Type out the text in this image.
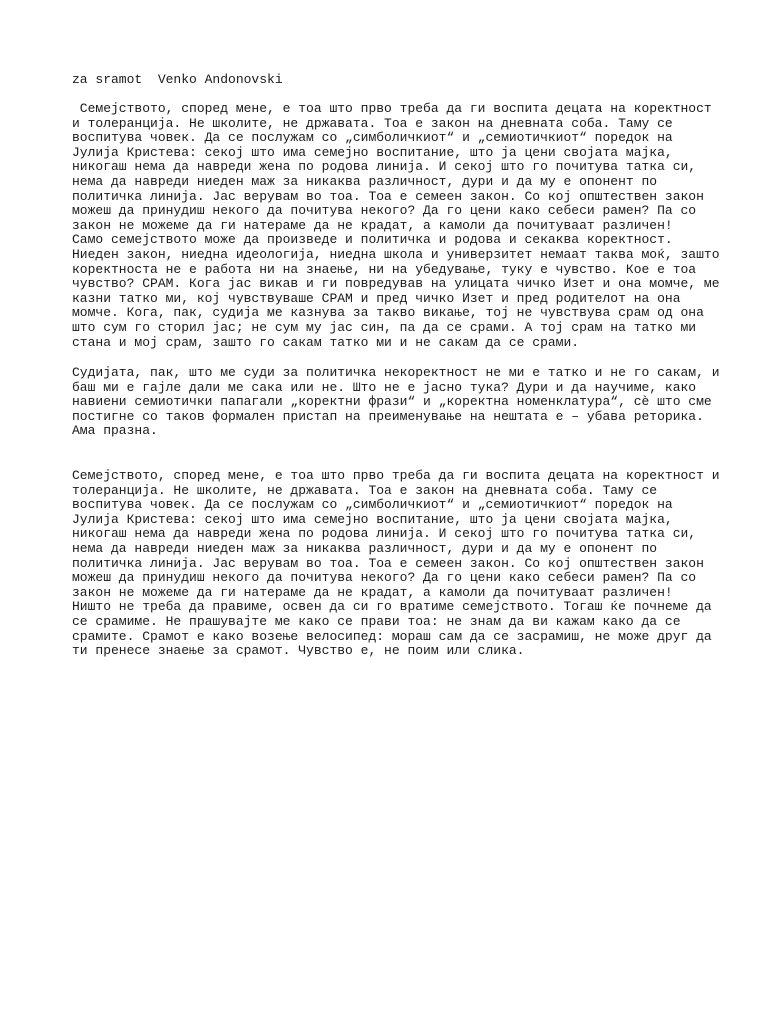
za sramot  Venko Andonovski

Семејството, според мене, е тоа што прво треба да ги воспита децата на коректност
и толеранција. Не школите, не државата. Тоа е закон на дневната соба. Таму се
воспитува човек. Да се послужам со „симболичкиот“ и „семиотичкиот“ поредок на
Јулија Кристева: секој што има семејно воспитание, што ја цени својата мајка,
никогаш нема да навреди жена по родова линија. И секој што го почитува татка си,
нема да навреди ниеден маж за никаква различност, дури и да му е опонент по
политичка линија. Јас верувам во тоа. Тоа е семеен закон. Со кој општествен закон
можеш да принудиш некого да почитува некого? Да го цени како себеси рамен? Па со
закон не можеме да ги натераме да не крадат, а камоли да почитуваат различен!
Само семејството може да произведе и политичка и родова и секаква коректност.
Ниеден закон, ниедна идеологија, ниедна школа и универзитет немаат таква моќ, зашто
коректноста не е работа ни на знаење, ни на убедување, туку е чувство. Кое е тоа
чувство? СРАМ. Кога јас викав и ги повредував на улицата чичко Изет и она момче, ме
казни татко ми, кој чувствуваше СРАМ и пред чичко Изет и пред родителот на она
момче. Кога, пак, судија ме казнува за такво викање, тој не чувствува срам од она
што сум го сторил јас; не сум му јас син, па да се срами. А тој срам на татко ми
стана и мој срам, зашто го сакам татко ми и не сакам да се срами.

Судијата, пак, што ме суди за политичка некоректност не ми е татко и не го сакам, и
баш ми е гајле дали ме сака или не. Што не е јасно тука? Дури и да научиме, како
навиени семиотички папагали „коректни фрази“ и „коректна номенклатура“, сè што сме
постигне со таков формален пристап на преименување на нештата е – убава реторика.
Ама празна.

Семејството, според мене, е тоа што прво треба да ги воспита децата на коректност и
толеранција. Не школите, не државата. Тоа е закон на дневната соба. Таму се
воспитува човек. Да се послужам со „симболичкиот“ и „семиотичкиот“ поредок на
Јулија Кристева: секој што има семејно воспитание, што ја цени својата мајка,
никогаш нема да навреди жена по родова линија. И секој што го почитува татка си,
нема да навреди ниеден маж за никаква различност, дури и да му е опонент по
политичка линија. Јас верувам во тоа. Тоа е семеен закон. Со кој општествен закон
можеш да принудиш некого да почитува некого? Да го цени како себеси рамен? Па со
закон не можеме да ги натераме да не крадат, а камоли да почитуваат различен!
Ништо не треба да правиме, освен да си го вратиме семејството. Тогаш ќе почнеме да
се срамиме. Не прашувајте ме како се прави тоа: не знам да ви кажам како да се
срамите. Срамот е како возење велосипед: мораш сам да се засрамиш, не може друг да
ти пренесе знаење за срамот. Чувство е, не поим или слика.
